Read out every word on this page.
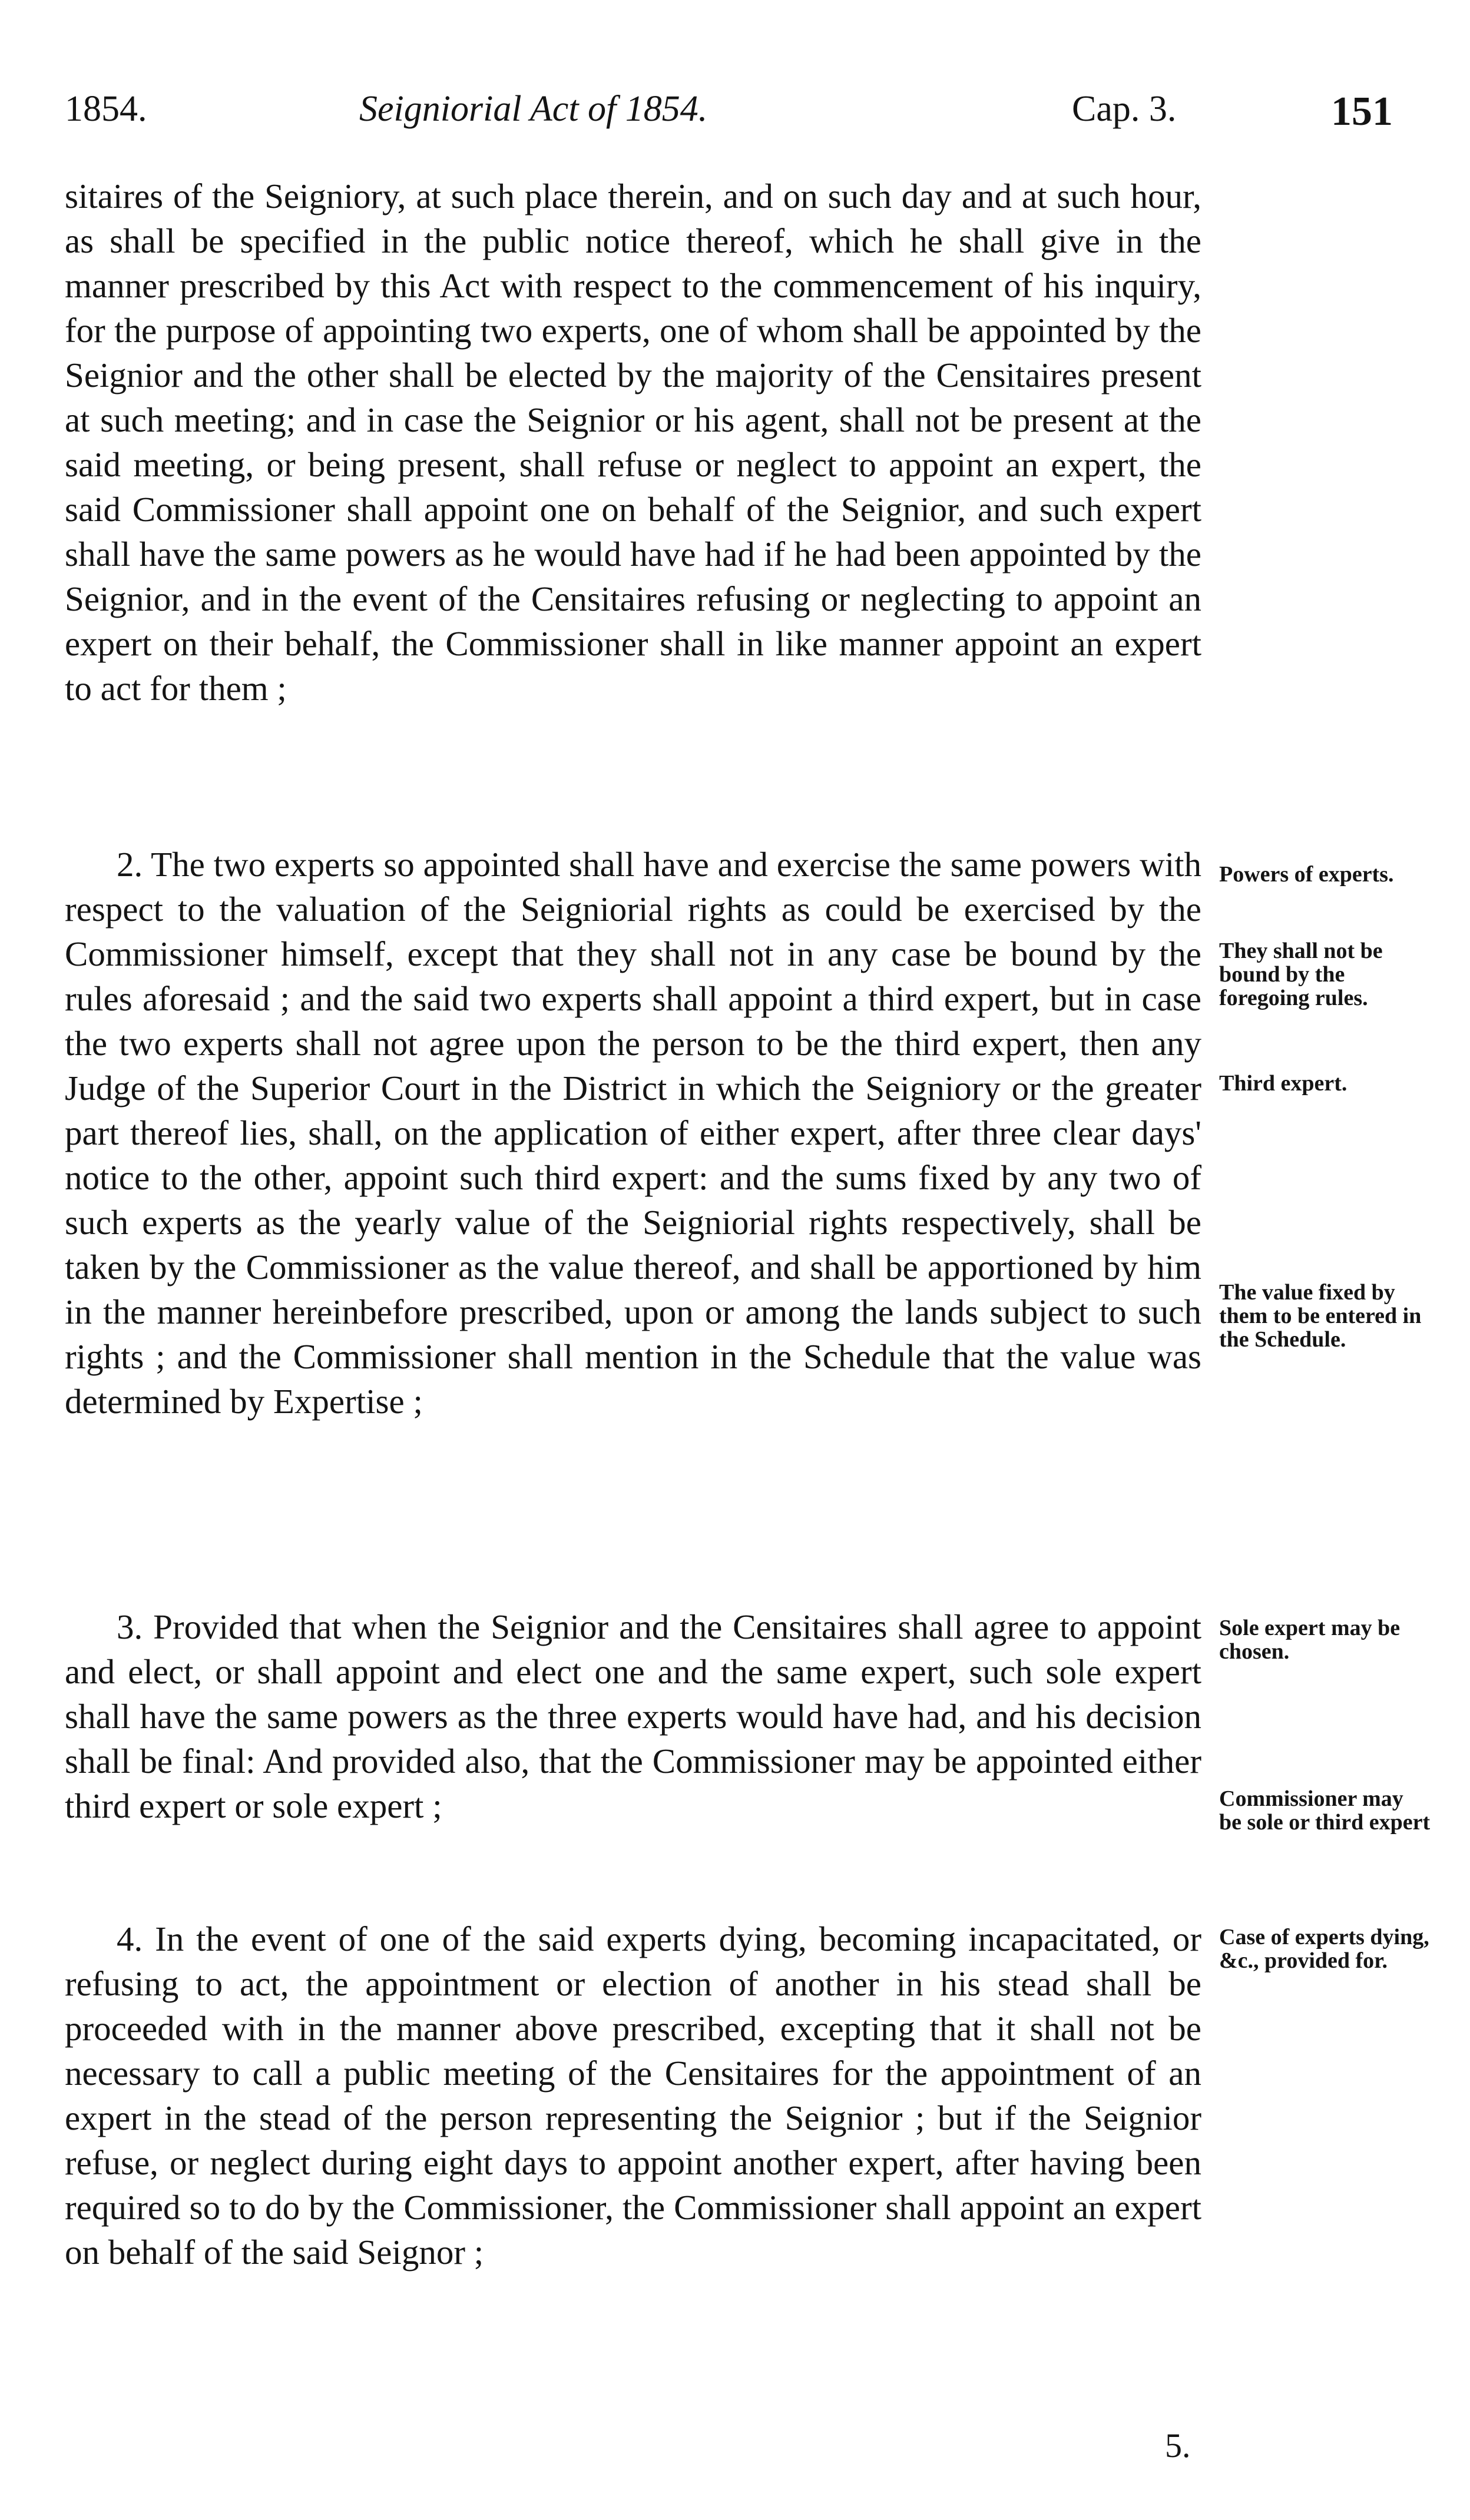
1854.	Seigniorial Act of 1854.	Cap. 3.	151

sitaires of the Seigniory, at such place therein, and on such day and at such hour, as shall be specified in the public notice thereof, which he shall give in the manner prescribed by this Act with respect to the commencement of his inquiry, for the purpose of appointing two experts, one of whom shall be appointed by the Seignior and the other shall be elected by the majority of the Censitaires present at such meeting; and in case the Seignior or his agent, shall not be present at the said meeting, or being present, shall refuse or neglect to appoint an expert, the said Commissioner shall appoint one on behalf of the Seignior, and such expert shall have the same powers as he would have had if he had been appointed by the Seignior, and in the event of the Censitaires refusing or neglecting to appoint an expert on their behalf, the Commissioner shall in like manner appoint an expert to act for them ;

2. The two experts so appointed shall have and exercise the same powers with respect to the valuation of the Seigniorial rights as could be exercised by the Commissioner himself, except that they shall not in any case be bound by the rules aforesaid ; and the said two experts shall appoint a third expert, but in case the two experts shall not agree upon the person to be the third expert, then any Judge of the Superior Court in the District in which the Seigniory or the greater part thereof lies, shall, on the application of either expert, after three clear days' notice to the other, appoint such third expert: and the sums fixed by any two of such experts as the yearly value of the Seigniorial rights respectively, shall be taken by the Commissioner as the value thereof, and shall be apportioned by him in the manner hereinbefore prescribed, upon or among the lands subject to such rights ; and the Commissioner shall mention in the Schedule that the value was determined by Expertise ;

3. Provided that when the Seignior and the Censitaires shall agree to appoint and elect, or shall appoint and elect one and the same expert, such sole expert shall have the same powers as the three experts would have had, and his decision shall be final: And provided also, that the Commissioner may be appointed either third expert or sole expert ;

4. In the event of one of the said experts dying, becoming incapacitated, or refusing to act, the appointment or election of another in his stead shall be proceeded with in the manner above prescribed, excepting that it shall not be necessary to call a public meeting of the Censitaires for the appointment of an expert in the stead of the person representing the Seignior ; but if the Seignior refuse, or neglect during eight days to appoint another expert, after having been required so to do by the Commissioner, the Commissioner shall appoint an expert on behalf of the said Seignor ;

Powers of experts.
They shall not be bound by the foregoing rules.
Third expert.
The value fixed by them to be entered in the Schedule.
Sole expert may be chosen.
Commissioner may be sole or third expert
Case of experts dying, &c., provided for.
5.
